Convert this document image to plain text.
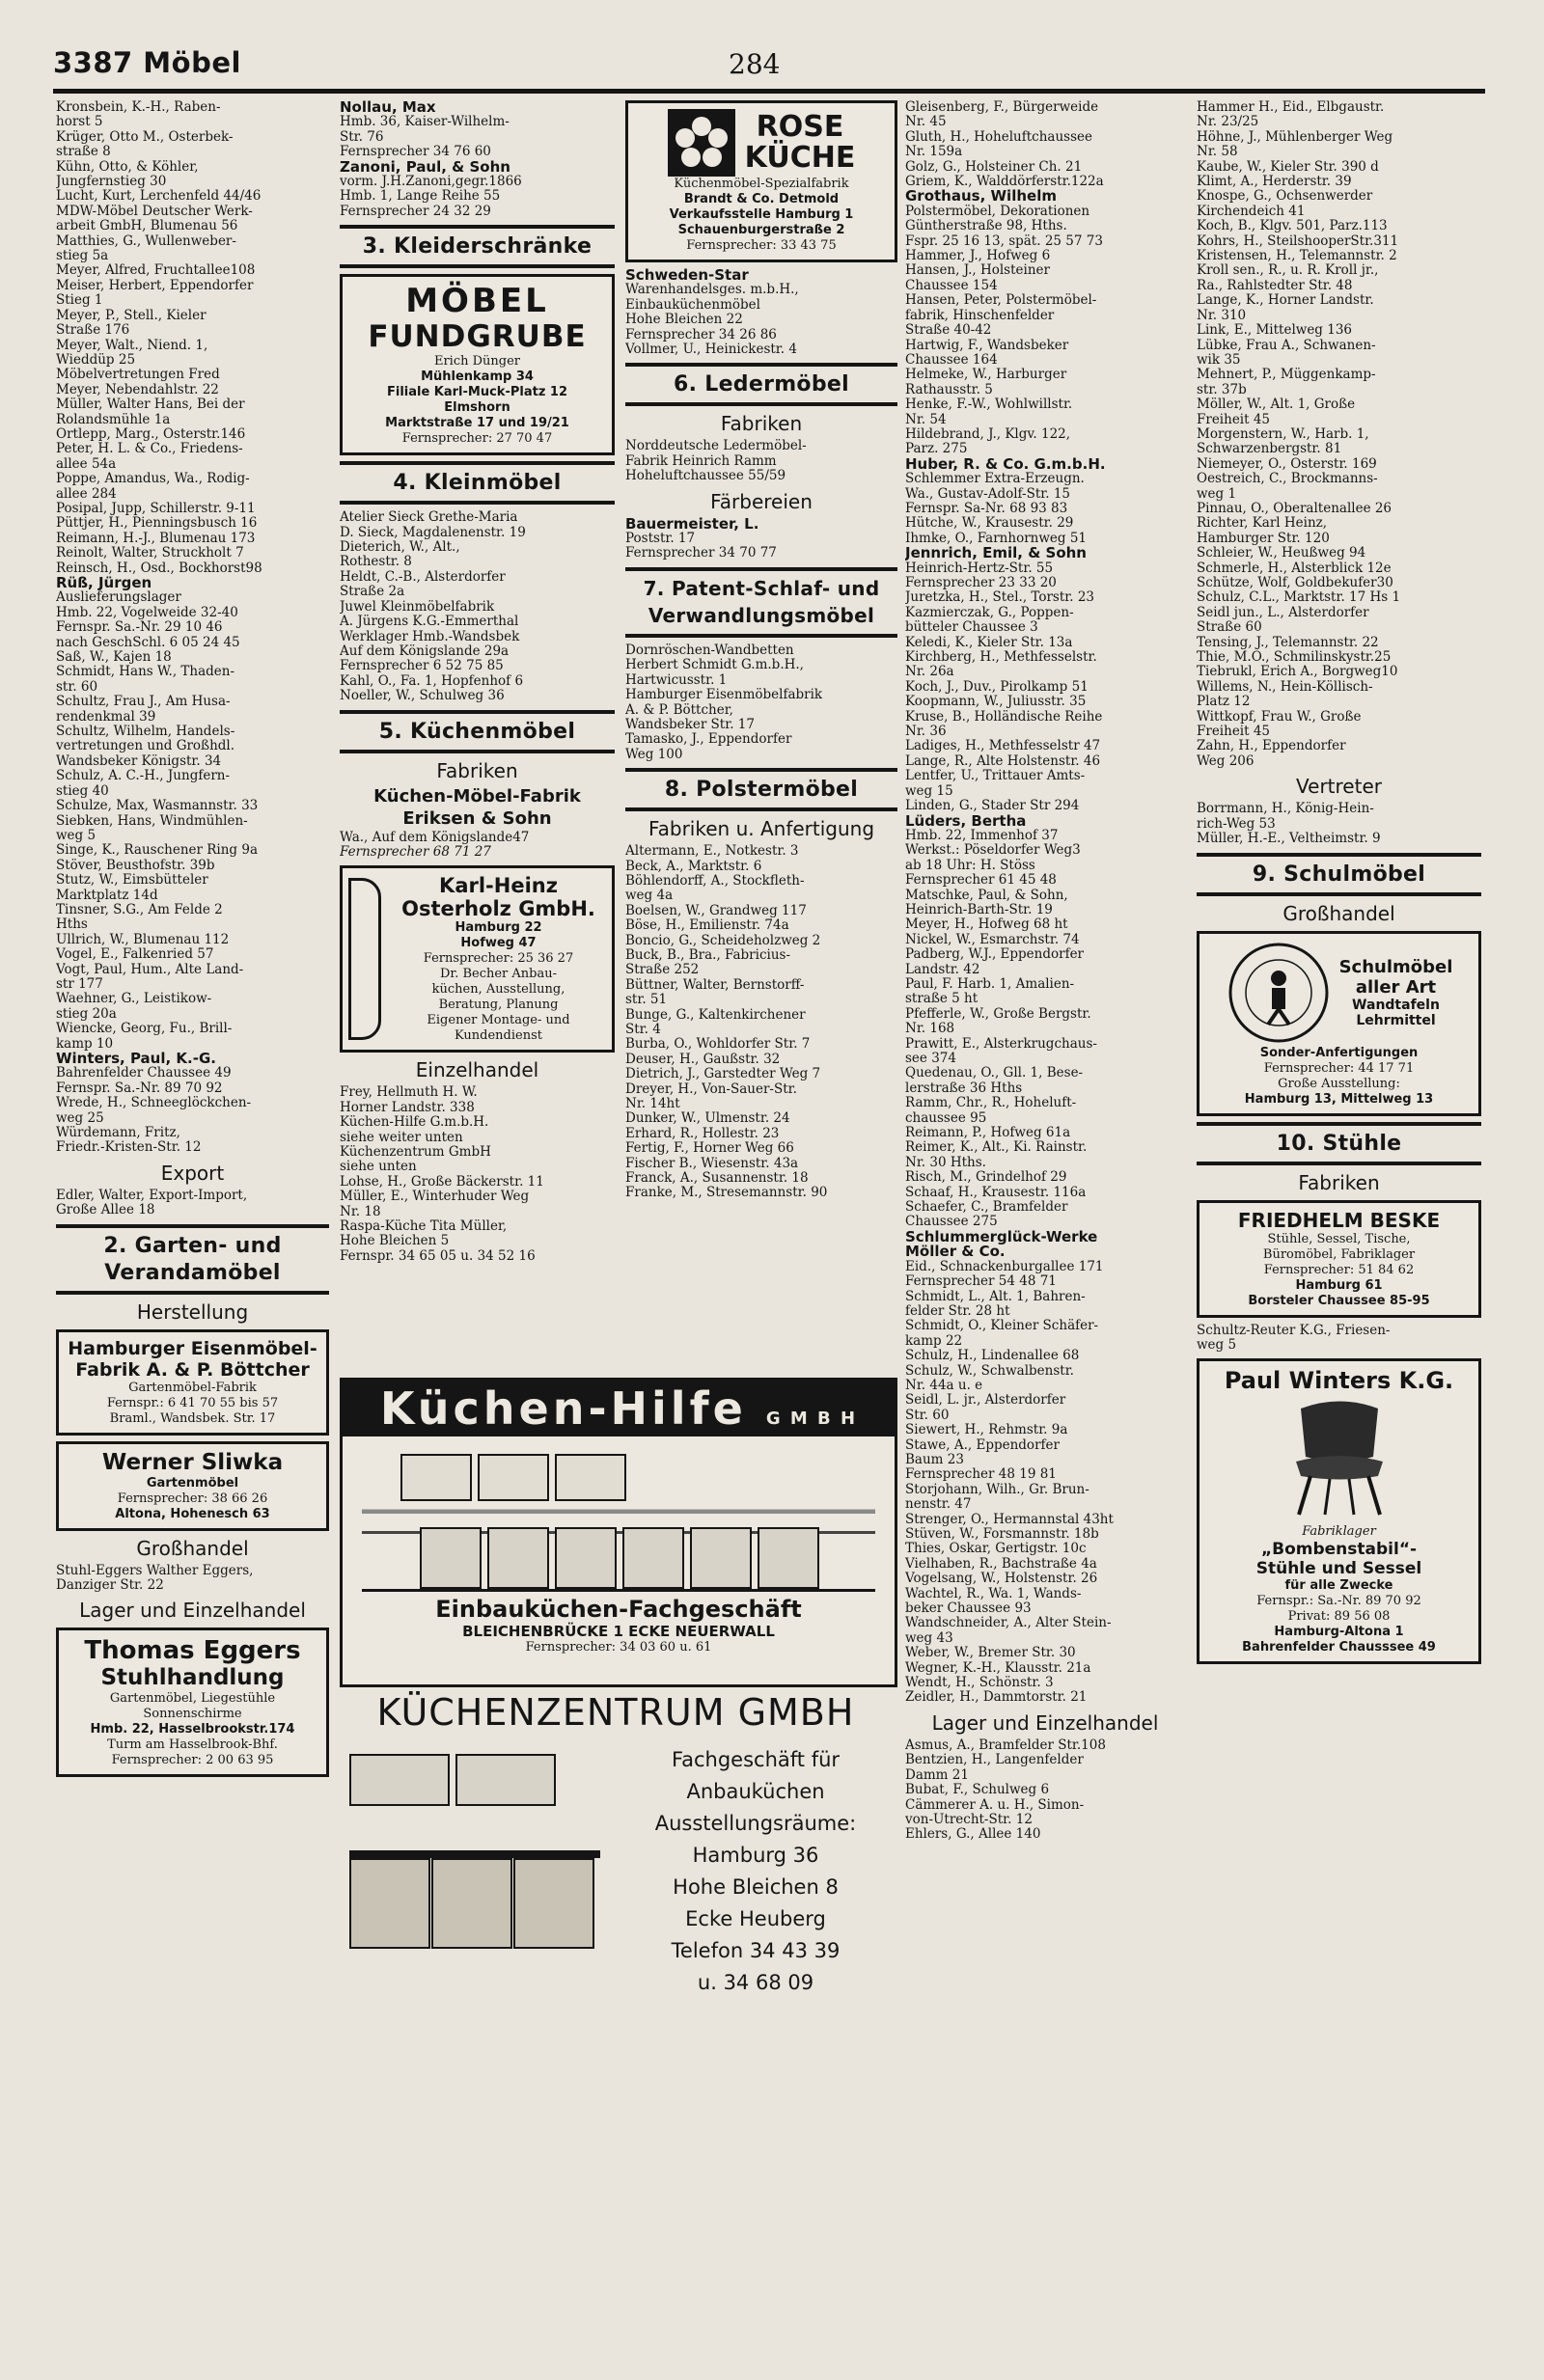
3387 Möbel	284
Kronsbein, K.-H., Raben-
horst 5
Krüger, Otto M., Osterbek-
straße 8
Kühn, Otto, & Köhler,
Jungfernstieg 30
Lucht, Kurt, Lerchenfeld 44/46
MDW-Möbel Deutscher Werk-
arbeit GmbH, Blumenau 56
Matthies, G., Wullenweber-
stieg 5a
Meyer, Alfred, Fruchtallee108
Meiser, Herbert, Eppendorfer
Stieg 1
Meyer, P., Stell., Kieler
Straße 176
Meyer, Walt., Niend. 1,
Wieddüp 25
Möbelvertretungen Fred
Meyer, Nebendahlstr. 22
Müller, Walter Hans, Bei der
Rolandsmühle 1a
Ortlepp, Marg., Osterstr.146
Peter, H. L. & Co., Friedens-
allee 54a
Poppe, Amandus, Wa., Rodig-
allee 284
Posipal, Jupp, Schillerstr. 9-11
Püttjer, H., Pienningsbusch 16
Reimann, H.-J., Blumenau 173
Reinolt, Walter, Struckholt 7
Reinsch, H., Osd., Bockhorst98
Rüß, Jürgen
Auslieferungslager
Hmb. 22, Vogelweide 32-40
Fernspr. Sa.-Nr. 29 10 46
nach GeschSchl. 6 05 24 45
Saß, W., Kajen 18
Schmidt, Hans W., Thaden-
str. 60
Schultz, Frau J., Am Husa-
rendenkmal 39
Schultz, Wilhelm, Handels-
vertretungen und Großhdl.
Wandsbeker Königstr. 34
Schulz, A. C.-H., Jungfern-
stieg 40
Schulze, Max, Wasmannstr. 33
Siebken, Hans, Windmühlen-
weg 5
Singe, K., Rauschener Ring 9a
Stöver, Beusthofstr. 39b
Stutz, W., Eimsbütteler
Marktplatz 14d
Tinsner, S.G., Am Felde 2
Hths
Ullrich, W., Blumenau 112
Vogel, E., Falkenried 57
Vogt, Paul, Hum., Alte Land-
str 177
Waehner, G., Leistikow-
stieg 20a
Wiencke, Georg, Fu., Brill-
kamp 10
Winters, Paul, K.-G.
Bahrenfelder Chaussee 49
Fernspr. Sa.-Nr. 89 70 92
Wrede, H., Schneeglöckchen-
weg 25
Würdemann, Fritz,
Friedr.-Kristen-Str. 12
Export
Edler, Walter, Export-Import,
Große Allee 18
2. Garten- und
Verandamöbel
Herstellung
Hamburger Eisenmöbel-
Fabrik A. & P. Böttcher
Gartenmöbel-Fabrik
Fernspr.: 6 41 70 55 bis 57
Braml., Wandsbek. Str. 17
Werner Sliwka
Gartenmöbel
Fernsprecher: 38 66 26
Altona, Hohenesch 63
Großhandel
Stuhl-Eggers Walther Eggers,
Danziger Str. 22
Lager und Einzelhandel
Thomas Eggers
Stuhlhandlung
Gartenmöbel, Liegestühle
Sonnenschirme
Hmb. 22, Hasselbrookstr.174
Turm am Hasselbrook-Bhf.
Fernsprecher: 2 00 63 95
Nollau, Max
Hmb. 36, Kaiser-Wilhelm-
Str. 76
Fernsprecher 34 76 60
Zanoni, Paul, & Sohn
vorm. J.H.Zanoni,gegr.1866
Hmb. 1, Lange Reihe 55
Fernsprecher 24 32 29
3. Kleiderschränke
MÖBEL
FUNDGRUBE
Erich Dünger
Mühlenkamp 34
Filiale Karl-Muck-Platz 12
Elmshorn
Marktstraße 17 und 19/21
Fernsprecher: 27 70 47
4. Kleinmöbel
Atelier Sieck Grethe-Maria
D. Sieck, Magdalenenstr. 19
Dieterich, W., Alt.,
Rothestr. 8
Heldt, C.-B., Alsterdorfer
Straße 2a
Juwel Kleinmöbelfabrik
A. Jürgens K.G.-Emmerthal
Werklager Hmb.-Wandsbek
Auf dem Königslande 29a
Fernsprecher 6 52 75 85
Kahl, O., Fa. 1, Hopfenhof 6
Noeller, W., Schulweg 36
5. Küchenmöbel
Fabriken
Küchen-Möbel-Fabrik
Eriksen & Sohn
Wa., Auf dem Königslande47
Fernsprecher 68 71 27
Karl-Heinz
Osterholz GmbH.
Hamburg 22
Hofweg 47
Fernsprecher: 25 36 27
Dr. Becher Anbau-
küchen, Ausstellung,
Beratung, Planung
Eigener Montage- und
Kundendienst
Einzelhandel
Frey, Hellmuth H. W.
Horner Landstr. 338
Küchen-Hilfe G.m.b.H.
siehe weiter unten
Küchenzentrum GmbH
siehe unten
Lohse, H., Große Bäckerstr. 11
Müller, E., Winterhuder Weg
Nr. 18
Raspa-Küche Tita Müller,
Hohe Bleichen 5
Fernspr. 34 65 05 u. 34 52 16
ROSE
KÜCHE
Küchenmöbel-Spezialfabrik
Brandt & Co. Detmold
Verkaufsstelle Hamburg 1
Schauenburgerstraße 2
Fernsprecher: 33 43 75
Schweden-Star
Warenhandelsges. m.b.H.,
Einbauküchenmöbel
Hohe Bleichen 22
Fernsprecher 34 26 86
Vollmer, U., Heinickestr. 4
6. Ledermöbel
Fabriken
Norddeutsche Ledermöbel-
Fabrik Heinrich Ramm
Hoheluftchaussee 55/59
Färbereien
Bauermeister, L.
Poststr. 17
Fernsprecher 34 70 77
7. Patent-Schlaf- und
Verwandlungsmöbel
Dornröschen-Wandbetten
Herbert Schmidt G.m.b.H.,
Hartwicusstr. 1
Hamburger Eisenmöbelfabrik
A. & P. Böttcher,
Wandsbeker Str. 17
Tamasko, J., Eppendorfer
Weg 100
8. Polstermöbel
Fabriken u. Anfertigung
Altermann, E., Notkestr. 3
Beck, A., Marktstr. 6
Böhlendorff, A., Stockfleth-
weg 4a
Boelsen, W., Grandweg 117
Böse, H., Emilienstr. 74a
Boncio, G., Scheideholzweg 2
Buck, B., Bra., Fabricius-
Straße 252
Büttner, Walter, Bernstorff-
str. 51
Bunge, G., Kaltenkirchener
Str. 4
Burba, O., Wohldorfer Str. 7
Deuser, H., Gaußstr. 32
Dietrich, J., Garstedter Weg 7
Dreyer, H., Von-Sauer-Str.
Nr. 14ht
Dunker, W., Ulmenstr. 24
Erhard, R., Hollestr. 23
Fertig, F., Horner Weg 66
Fischer B., Wiesenstr. 43a
Franck, A., Susannenstr. 18
Franke, M., Stresemannstr. 90
Küchen-Hilfe G M B H
Einbauküchen-Fachgeschäft
BLEICHENBRÜCKE 1 ECKE NEUERWALL
Fernsprecher: 34 03 60 u. 61
KÜCHENZENTRUM GMBH
Fachgeschäft für
Anbauküchen
Ausstellungsräume:
Hamburg 36
Hohe Bleichen 8
Ecke Heuberg
Telefon 34 43 39
u. 34 68 09
Gleisenberg, F., Bürgerweide
Nr. 45
Gluth, H., Hoheluftchaussee
Nr. 159a
Golz, G., Holsteiner Ch. 21
Griem, K., Walddörferstr.122a
Grothaus, Wilhelm
Polstermöbel, Dekorationen
Güntherstraße 98, Hths.
Fspr. 25 16 13, spät. 25 57 73
Hammer, J., Hofweg 6
Hansen, J., Holsteiner
Chaussee 154
Hansen, Peter, Polstermöbel-
fabrik, Hinschenfelder
Straße 40-42
Hartwig, F., Wandsbeker
Chaussee 164
Helmeke, W., Harburger
Rathausstr. 5
Henke, F.-W., Wohlwillstr.
Nr. 54
Hildebrand, J., Klgv. 122,
Parz. 275
Huber, R. & Co. G.m.b.H.
Schlemmer Extra-Erzeugn.
Wa., Gustav-Adolf-Str. 15
Fernspr. Sa-Nr. 68 93 83
Hütche, W., Krausestr. 29
Ihmke, O., Farnhornweg 51
Jennrich, Emil, & Sohn
Heinrich-Hertz-Str. 55
Fernsprecher 23 33 20
Juretzka, H., Stel., Torstr. 23
Kazmierczak, G., Poppen-
bütteler Chaussee 3
Keledi, K., Kieler Str. 13a
Kirchberg, H., Methfesselstr.
Nr. 26a
Koch, J., Duv., Pirolkamp 51
Koopmann, W., Juliusstr. 35
Kruse, B., Holländische Reihe
Nr. 36
Ladiges, H., Methfesselstr 47
Lange, R., Alte Holstenstr. 46
Lentfer, U., Trittauer Amts-
weg 15
Linden, G., Stader Str 294
Lüders, Bertha
Hmb. 22, Immenhof 37
Werkst.: Pöseldorfer Weg3
ab 18 Uhr: H. Stöss
Fernsprecher 61 45 48
Matschke, Paul, & Sohn,
Heinrich-Barth-Str. 19
Meyer, H., Hofweg 68 ht
Nickel, W., Esmarchstr. 74
Padberg, W.J., Eppendorfer
Landstr. 42
Paul, F. Harb. 1, Amalien-
straße 5 ht
Pfefferle, W., Große Bergstr.
Nr. 168
Prawitt, E., Alsterkrugchaus-
see 374
Quedenau, O., Gll. 1, Bese-
lerstraße 36 Hths
Ramm, Chr., R., Hoheluft-
chaussee 95
Reimann, P., Hofweg 61a
Reimer, K., Alt., Ki. Rainstr.
Nr. 30 Hths.
Risch, M., Grindelhof 29
Schaaf, H., Krausestr. 116a
Schaefer, C., Bramfelder
Chaussee 275
Schlummerglück-Werke
Möller & Co.
Eid., Schnackenburgallee 171
Fernsprecher 54 48 71
Schmidt, L., Alt. 1, Bahren-
felder Str. 28 ht
Schmidt, O., Kleiner Schäfer-
kamp 22
Schulz, H., Lindenallee 68
Schulz, W., Schwalbenstr.
Nr. 44a u. e
Seidl, L. jr., Alsterdorfer
Str. 60
Siewert, H., Rehmstr. 9a
Stawe, A., Eppendorfer
Baum 23
Fernsprecher 48 19 81
Storjohann, Wilh., Gr. Brun-
nenstr. 47
Strenger, O., Hermannstal 43ht
Stüven, W., Forsmannstr. 18b
Thies, Oskar, Gertigstr. 10c
Vielhaben, R., Bachstraße 4a
Vogelsang, W., Holstenstr. 26
Wachtel, R., Wa. 1, Wands-
beker Chaussee 93
Wandschneider, A., Alter Stein-
weg 43
Weber, W., Bremer Str. 30
Wegner, K.-H., Klausstr. 21a
Wendt, H., Schönstr. 3
Zeidler, H., Dammtorstr. 21
Lager und Einzelhandel
Asmus, A., Bramfelder Str.108
Bentzien, H., Langenfelder
Damm 21
Bubat, F., Schulweg 6
Cämmerer A. u. H., Simon-
von-Utrecht-Str. 12
Ehlers, G., Allee 140
Hammer H., Eid., Elbgaustr.
Nr. 23/25
Höhne, J., Mühlenberger Weg
Nr. 58
Kaube, W., Kieler Str. 390 d
Klimt, A., Herderstr. 39
Knospe, G., Ochsenwerder
Kirchendeich 41
Koch, B., Klgv. 501, Parz.113
Kohrs, H., SteilshooperStr.311
Kristensen, H., Telemannstr. 2
Kroll sen., R., u. R. Kroll jr.,
Ra., Rahlstedter Str. 48
Lange, K., Horner Landstr.
Nr. 310
Link, E., Mittelweg 136
Lübke, Frau A., Schwanen-
wik 35
Mehnert, P., Müggenkamp-
str. 37b
Möller, W., Alt. 1, Große
Freiheit 45
Morgenstern, W., Harb. 1,
Schwarzenbergstr. 81
Niemeyer, O., Osterstr. 169
Oestreich, C., Brockmanns-
weg 1
Pinnau, O., Oberaltenallee 26
Richter, Karl Heinz,
Hamburger Str. 120
Schleier, W., Heußweg 94
Schmerle, H., Alsterblick 12e
Schütze, Wolf, Goldbekufer30
Schulz, C.L., Marktstr. 17 Hs 1
Seidl jun., L., Alsterdorfer
Straße 60
Tensing, J., Telemannstr. 22
Thie, M.O., Schmilinskystr.25
Tiebrukl, Erich A., Borgweg10
Willems, N., Hein-Köllisch-
Platz 12
Wittkopf, Frau W., Große
Freiheit 45
Zahn, H., Eppendorfer
Weg 206
Vertreter
Borrmann, H., König-Hein-
rich-Weg 53
Müller, H.-E., Veltheimstr. 9
9. Schulmöbel
Großhandel
Schulmöbel
aller Art
Wandtafeln
Lehrmittel
Sonder-Anfertigungen
Fernsprecher: 44 17 71
Große Ausstellung:
Hamburg 13, Mittelweg 13
10. Stühle
Fabriken
FRIEDHELM BESKE
Stühle, Sessel, Tische,
Büromöbel, Fabriklager
Fernsprecher: 51 84 62
Hamburg 61
Borsteler Chaussee 85-95
Schultz-Reuter K.G., Friesen-
weg 5
Paul Winters K.G.
Fabriklager
„Bombenstabil“-
Stühle und Sessel
für alle Zwecke
Fernspr.: Sa.-Nr. 89 70 92
Privat: 89 56 08
Hamburg-Altona 1
Bahrenfelder Chausssee 49
